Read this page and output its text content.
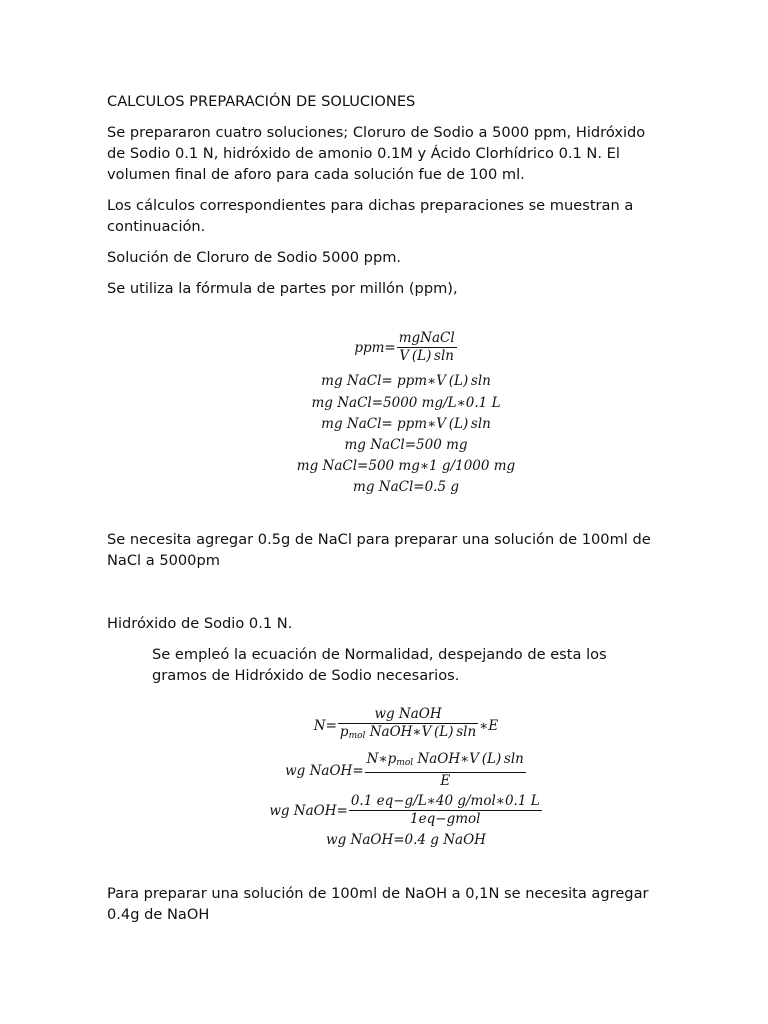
CALCULOS PREPARACIÓN DE SOLUCIONES

Se prepararon cuatro soluciones; Cloruro de Sodio a 5000 ppm, Hidróxido de Sodio 0.1 N, hidróxido de amonio 0.1M y Ácido Clorhídrico 0.1 N. El volumen final de aforo para cada solución fue de 100 ml.

Los cálculos correspondientes para dichas preparaciones se muestran a continuación.

Solución de Cloruro de Sodio 5000 ppm.

Se utiliza la fórmula de partes por millón (ppm),

$ppm= \frac{\text{mgNaCl}}{V (L) sln}$
mg NaCl= ppm∗V (L) sln
mg NaCl=5000 mg/L∗0.1 L
mg NaCl= ppm∗V (L) sln
mg NaCl=500 mg
mg NaCl=500 mg∗1 g/1000 mg
mg NaCl=0.5 g

Se necesita agregar 0.5g de NaCl para preparar una solución de 100ml de NaCl a 5000pm

Hidróxido de Sodio 0.1 N.

Se empleó la ecuación de Normalidad, despejando de esta los gramos de Hidróxido de Sodio necesarios.

$N= \frac{\text{wg NaOH}}{p_{mol} NaOH∗V (L) sln}$ ∗E
wg NaOH= $\frac{N∗p_{mol} NaOH∗V (L) sln}{E}$
wg NaOH= $\frac{\text{0.1 eq−g/L∗40 g/mol∗0.1 L}}{\text{1eq−gmol}}$
wg NaOH=0.4 g NaOH

Para preparar una solución de 100ml de NaOH a 0,1N se necesita agregar 0.4g de NaOH
